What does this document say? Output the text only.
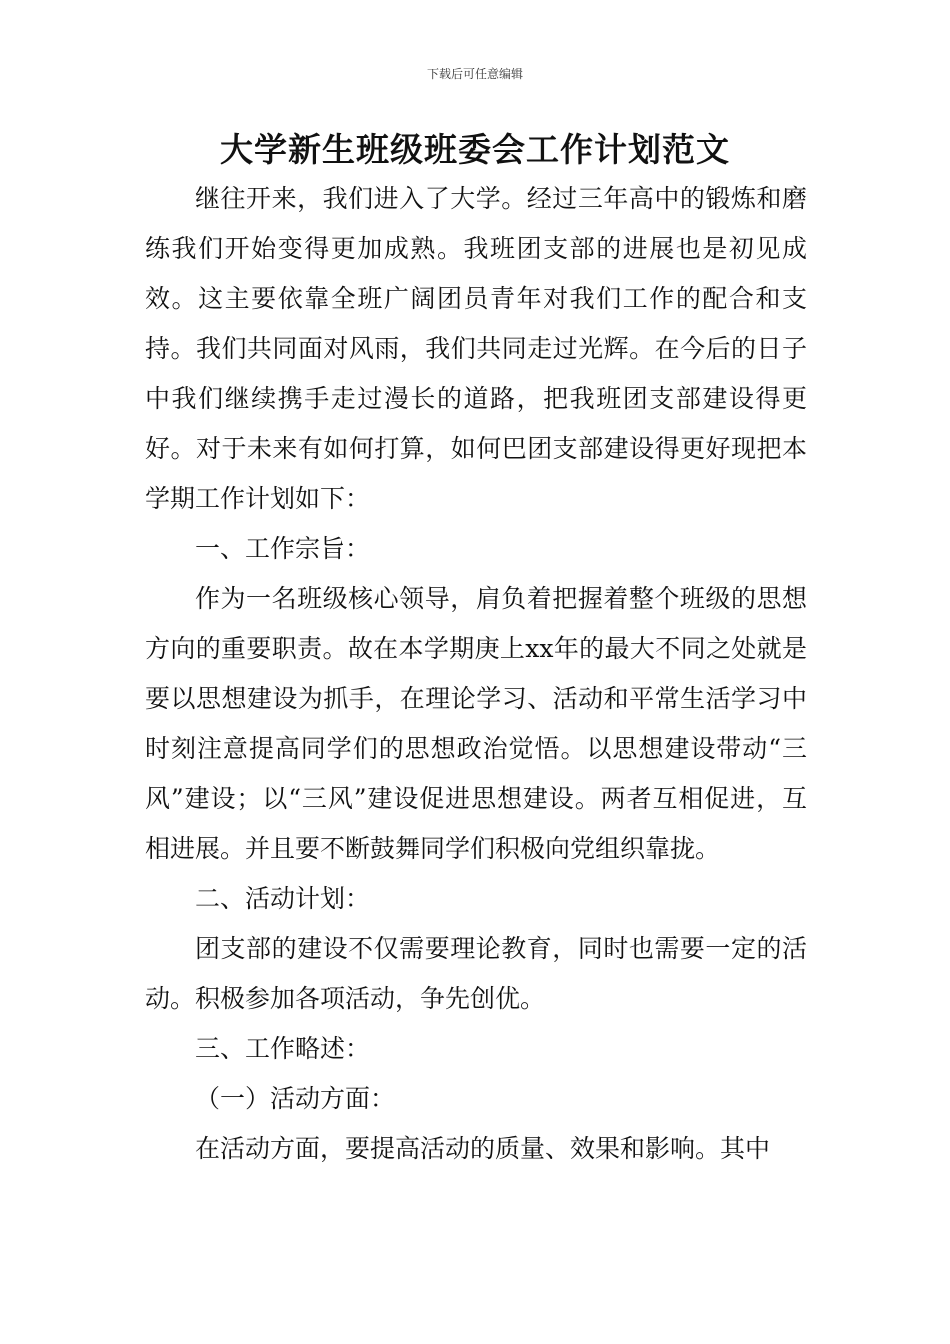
下载后可任意编辑
大学新生班级班委会工作计划范文

继往开来，我们进入了大学。经过三年高中的锻炼和磨练我们开始变得更加成熟。我班团支部的进展也是初见成效。这主要依靠全班广阔团员青年对我们工作的配合和支持。我们共同面对风雨，我们共同走过光辉。在今后的日子中我们继续携手走过漫长的道路，把我班团支部建设得更好。对于未来有如何打算，如何巴团支部建设得更好现把本学期工作计划如下：

一、工作宗旨：

作为一名班级核心领导，肩负着把握着整个班级的思想方向的重要职责。故在本学期庚上xx年的最大不同之处就是要以思想建设为抓手，在理论学习、活动和平常生活学习中时刻注意提高同学们的思想政治觉悟。以思想建设带动“三风”建设；以“三风”建设促进思想建设。两者互相促进，互相进展。并且要不断鼓舞同学们积极向党组织靠拢。

二、活动计划：

团支部的建设不仅需要理论教育，同时也需要一定的活动。积极参加各项活动，争先创优。

三、工作略述：

（一）活动方面：

在活动方面，要提高活动的质量、效果和影响。其中
